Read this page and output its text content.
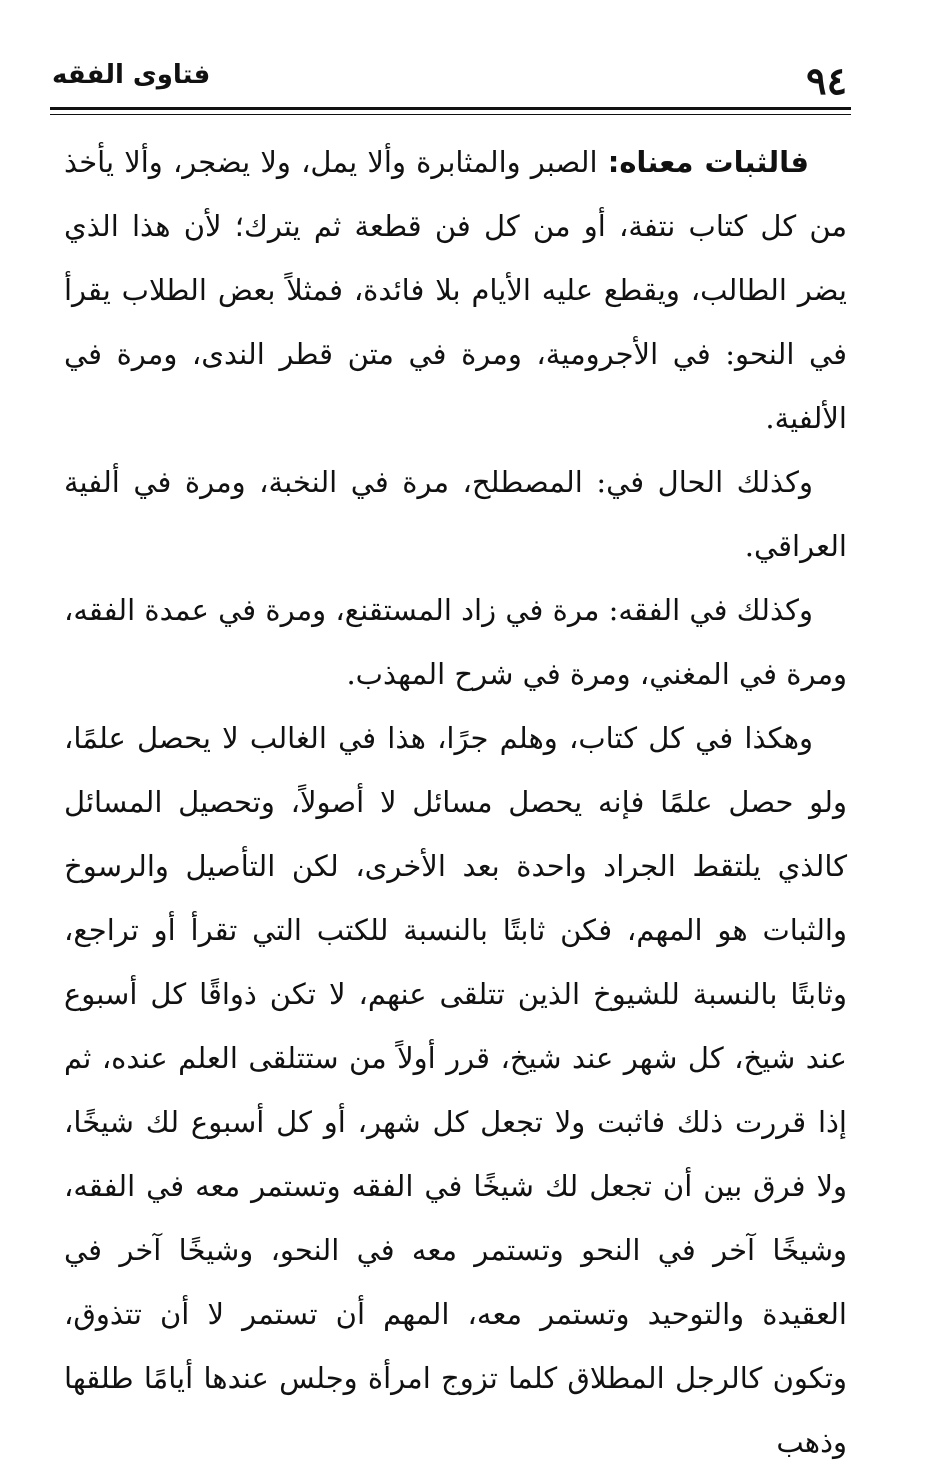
فتاوى الفقه	٩٤

فالثبات معناه: الصبر والمثابرة وألا يمل، ولا يضجر، وألا يأخذ من كل كتاب نتفة، أو من كل فن قطعة ثم يترك؛ لأن هذا الذي يضر الطالب، ويقطع عليه الأيام بلا فائدة، فمثلاً بعض الطلاب يقرأ في النحو: في الأجرومية، ومرة في متن قطر الندى، ومرة في الألفية.

وكذلك الحال في: المصطلح، مرة في النخبة، ومرة في ألفية العراقي.

وكذلك في الفقه: مرة في زاد المستقنع، ومرة في عمدة الفقه، ومرة في المغني، ومرة في شرح المهذب.

وهكذا في كل كتاب، وهلم جرًا، هذا في الغالب لا يحصل علمًا، ولو حصل علمًا فإنه يحصل مسائل لا أصولاً، وتحصيل المسائل كالذي يلتقط الجراد واحدة بعد الأخرى، لكن التأصيل والرسوخ والثبات هو المهم، فكن ثابتًا بالنسبة للكتب التي تقرأ أو تراجع، وثابتًا بالنسبة للشيوخ الذين تتلقى عنهم، لا تكن ذواقًا كل أسبوع عند شيخ، كل شهر عند شيخ، قرر أولاً من ستتلقى العلم عنده، ثم إذا قررت ذلك فاثبت ولا تجعل كل شهر، أو كل أسبوع لك شيخًا، ولا فرق بين أن تجعل لك شيخًا في الفقه وتستمر معه في الفقه، وشيخًا آخر في النحو وتستمر معه في النحو، وشيخًا آخر في العقيدة والتوحيد وتستمر معه، المهم أن تستمر لا أن تتذوق، وتكون كالرجل المطلاق كلما تزوج امرأة وجلس عندها أيامًا طلقها وذهب
